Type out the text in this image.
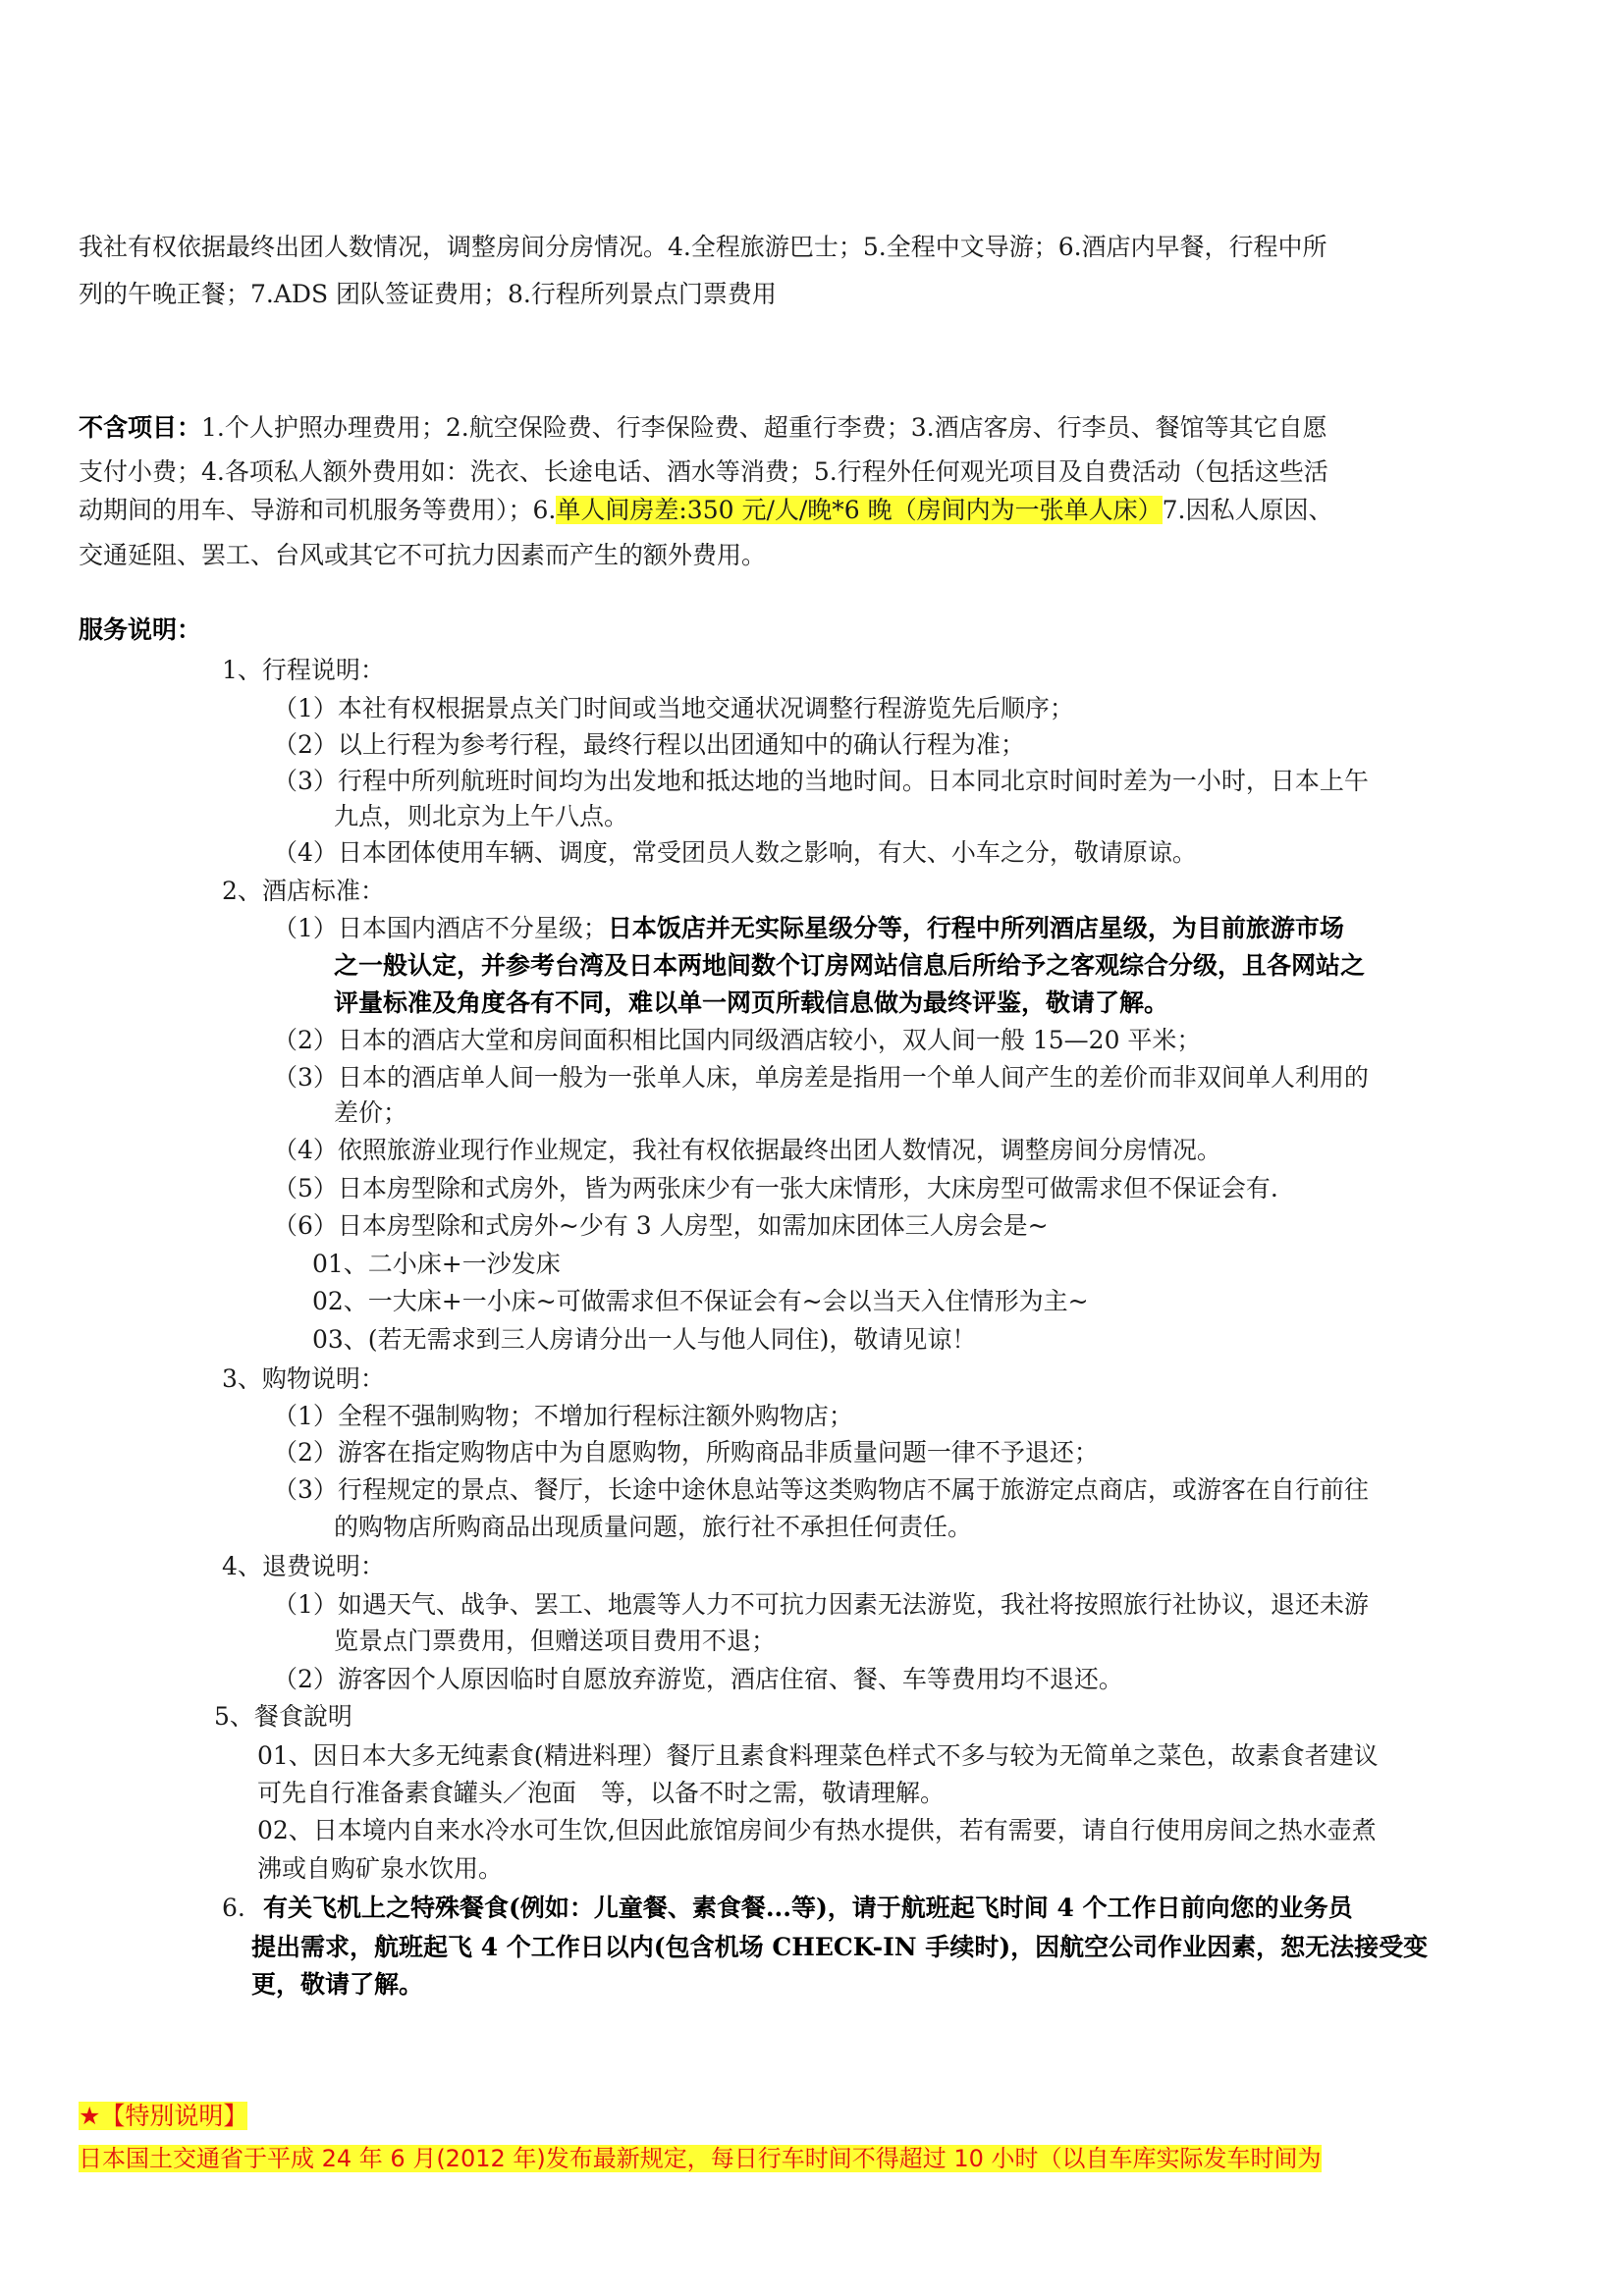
我社有权依据最终出团人数情况，调整房间分房情况。4.全程旅游巴士；5.全程中文导游；6.酒店内早餐，行程中所
列的午晚正餐；7.ADS 团队签证费用；8.行程所列景点门票费用
不含项目：1.个人护照办理费用；2.航空保险费、行李保险费、超重行李费；3.酒店客房、行李员、餐馆等其它自愿
支付小费；4.各项私人额外费用如：洗衣、长途电话、酒水等消费；5.行程外任何观光项目及自费活动（包括这些活
动期间的用车、导游和司机服务等费用）；6.单人间房差:350 元/人/晚*6 晚（房间内为一张单人床）7.因私人原因、
交通延阻、罢工、台风或其它不可抗力因素而产生的额外费用。
服务说明：
1、行程说明：
（1）本社有权根据景点关门时间或当地交通状况调整行程游览先后顺序；
（2）以上行程为参考行程，最终行程以出团通知中的确认行程为准；
（3）行程中所列航班时间均为出发地和抵达地的当地时间。日本同北京时间时差为一小时，日本上午
九点，则北京为上午八点。
（4）日本团体使用车辆、调度，常受团员人数之影响，有大、小车之分，敬请原谅。
2、酒店标准：
（1）日本国内酒店不分星级；日本饭店并无实际星级分等，行程中所列酒店星级，为目前旅游市场
之一般认定，并参考台湾及日本两地间数个订房网站信息后所给予之客观综合分级，且各网站之
评量标准及角度各有不同，难以单一网页所载信息做为最终评鉴，敬请了解。
（2）日本的酒店大堂和房间面积相比国内同级酒店较小，双人间一般 15—20 平米；
（3）日本的酒店单人间一般为一张单人床，单房差是指用一个单人间产生的差价而非双间单人利用的
差价；
（4）依照旅游业现行作业规定，我社有权依据最终出团人数情况，调整房间分房情况。
（5）日本房型除和式房外，皆为两张床少有一张大床情形，大床房型可做需求但不保证会有.
（6）日本房型除和式房外~少有 3 人房型，如需加床团体三人房会是~
01、二小床+一沙发床
02、一大床+一小床~可做需求但不保证会有~会以当天入住情形为主~
03、(若无需求到三人房请分出一人与他人同住)，敬请见谅！
3、购物说明：
（1）全程不强制购物；不增加行程标注额外购物店；
（2）游客在指定购物店中为自愿购物，所购商品非质量问题一律不予退还；
（3）行程规定的景点、餐厅，长途中途休息站等这类购物店不属于旅游定点商店，或游客在自行前往
的购物店所购商品出现质量问题，旅行社不承担任何责任。
4、退费说明：
（1）如遇天气、战争、罢工、地震等人力不可抗力因素无法游览，我社将按照旅行社协议，退还未游
览景点门票费用，但赠送项目费用不退；
（2）游客因个人原因临时自愿放弃游览，酒店住宿、餐、车等费用均不退还。
5、餐食說明
01、因日本大多无纯素食(精进料理）餐厅且素食料理菜色样式不多与较为无简单之菜色，故素食者建议
可先自行准备素食罐头／泡面　等，以备不时之需，敬请理解。
02、日本境内自来水冷水可生饮,但因此旅馆房间少有热水提供，若有需要，请自行使用房间之热水壶煮
沸或自购矿泉水饮用。
6. 有关飞机上之特殊餐食(例如：儿童餐、素食餐...等)，请于航班起飞时间 4 个工作日前向您的业务员
提出需求，航班起飞 4 个工作日以内(包含机场 CHECK-IN 手续时)，因航空公司作业因素，恕无法接受变
更，敬请了解。
★【特別说明】
日本国土交通省于平成 24 年 6 月(2012 年)发布最新规定，每日行车时间不得超过 10 小时（以自车库实际发车时间为
